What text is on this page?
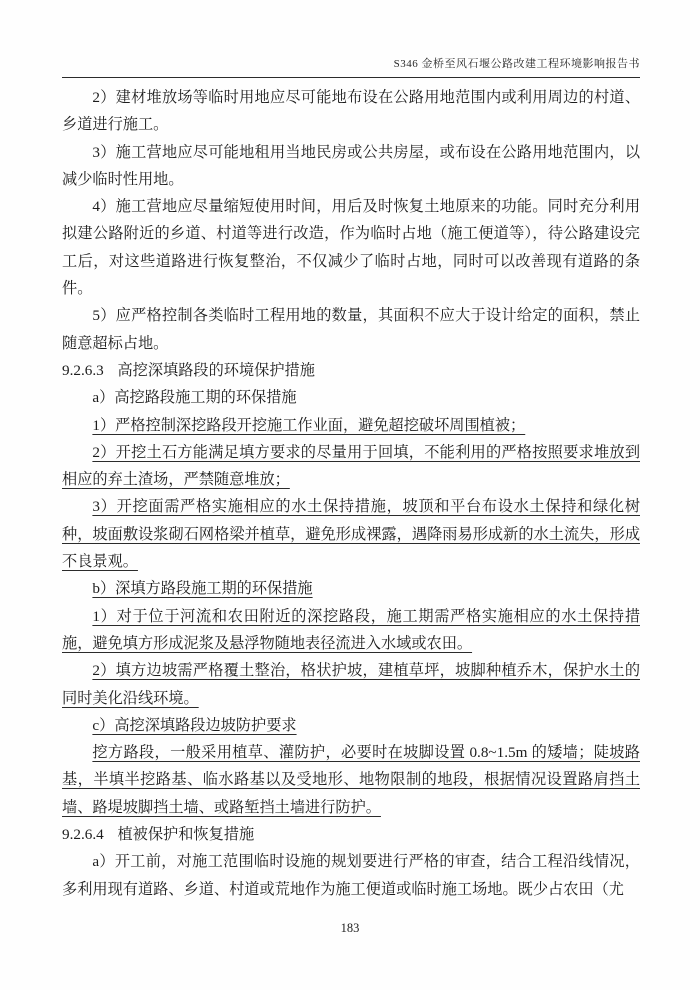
S346 金桥至风石堰公路改建工程环境影响报告书

2）建材堆放场等临时用地应尽可能地布设在公路用地范围内或利用周边的村道、乡道进行施工。

3）施工营地应尽可能地租用当地民房或公共房屋，或布设在公路用地范围内，以减少临时性用地。

4）施工营地应尽量缩短使用时间，用后及时恢复土地原来的功能。同时充分利用拟建公路附近的乡道、村道等进行改造，作为临时占地（施工便道等），待公路建设完工后，对这些道路进行恢复整治，不仅减少了临时占地，同时可以改善现有道路的条件。

5）应严格控制各类临时工程用地的数量，其面积不应大于设计给定的面积，禁止随意超标占地。

9.2.6.3 高挖深填路段的环境保护措施

a）高挖路段施工期的环保措施

1）严格控制深挖路段开挖施工作业面，避免超挖破坏周围植被；

2）开挖土石方能满足填方要求的尽量用于回填，不能利用的严格按照要求堆放到相应的弃土渣场，严禁随意堆放；

3）开挖面需严格实施相应的水土保持措施，坡顶和平台布设水土保持和绿化树种，坡面敷设浆砌石网格梁并植草，避免形成裸露，遇降雨易形成新的水土流失，形成不良景观。

b）深填方路段施工期的环保措施

1）对于位于河流和农田附近的深挖路段，施工期需严格实施相应的水土保持措施，避免填方形成泥浆及悬浮物随地表径流进入水域或农田。

2）填方边坡需严格覆土整治，格状护坡，建植草坪，坡脚种植乔木，保护水土的同时美化沿线环境。

c）高挖深填路段边坡防护要求

挖方路段，一般采用植草、灌防护，必要时在坡脚设置 0.8~1.5m 的矮墙；陡坡路基，半填半挖路基、临水路基以及受地形、地物限制的地段，根据情况设置路肩挡土墙、路堤坡脚挡土墙、或路堑挡土墙进行防护。

9.2.6.4 植被保护和恢复措施

a）开工前，对施工范围临时设施的规划要进行严格的审查，结合工程沿线情况，多利用现有道路、乡道、村道或荒地作为施工便道或临时施工场地。既少占农田（尤

183
